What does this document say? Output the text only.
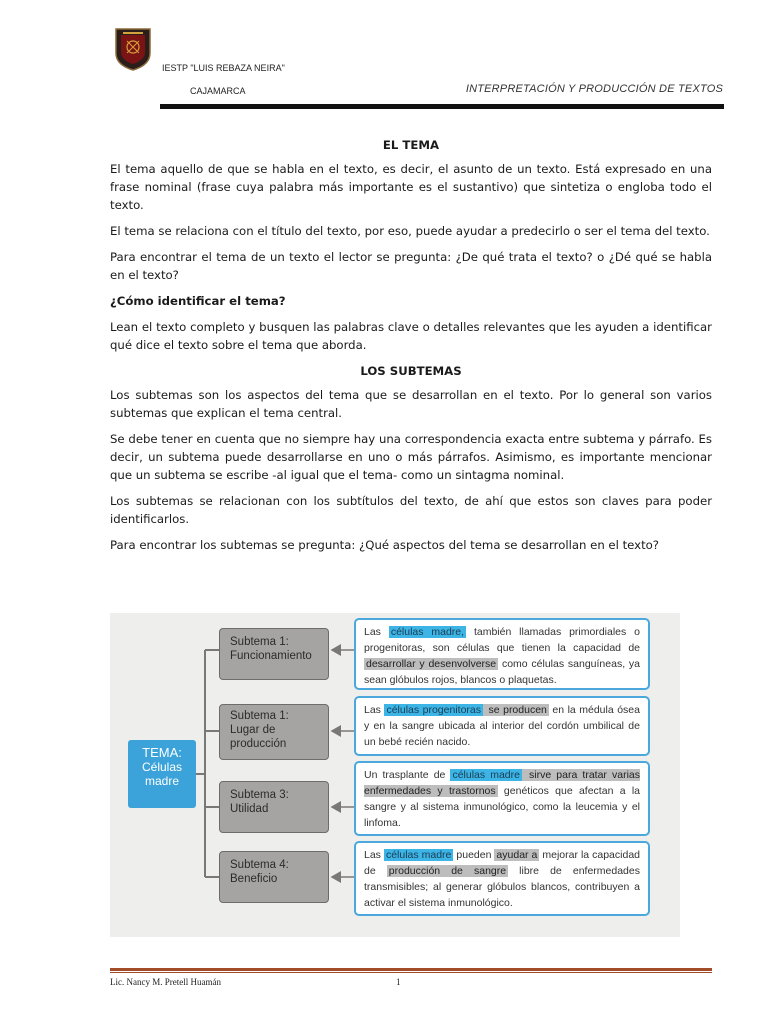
IESTP "LUIS REBAZA NEIRA"
CAJAMARCA	INTERPRETACIÓN Y PRODUCCIÓN DE TEXTOS
EL TEMA

El tema aquello de que se habla en el texto, es decir, el asunto de un texto. Está expresado en una frase nominal (frase cuya palabra más importante es el sustantivo) que sintetiza o engloba todo el texto.

El tema se relaciona con el título del texto, por eso, puede ayudar a predecirlo o ser el tema del texto.

Para encontrar el tema de un texto el lector se pregunta: ¿De qué trata el texto? o ¿Dé qué se habla en el texto?

¿Cómo identificar el tema?

Lean el texto completo y busquen las palabras clave o detalles relevantes que les ayuden a identificar qué dice el texto sobre el tema que aborda.

LOS SUBTEMAS

Los subtemas son los aspectos del tema que se desarrollan en el texto. Por lo general son varios subtemas que explican el tema central.

Se debe tener en cuenta que no siempre hay una correspondencia exacta entre subtema y párrafo. Es decir, un subtema puede desarrollarse en uno o más párrafos. Asimismo, es importante mencionar que un subtema se escribe -al igual que el tema- como un sintagma nominal.

Los subtemas se relacionan con los subtítulos del texto, de ahí que estos son claves para poder identificarlos.

Para encontrar los subtemas se pregunta: ¿Qué aspectos del tema se desarrollan en el texto?

TEMA:
Células
madre
Subtema 1:
Funcionamiento
Subtema 1:
Lugar de
producción
Subtema 3:
Utilidad
Subtema 4:
Beneficio
Las células madre, también llamadas primordiales o progenitoras, son células que tienen la capacidad de desarrollar y desenvolverse como células sanguíneas, ya sean glóbulos rojos, blancos o plaquetas.
Las células progenitoras se producen en la médula ósea y en la sangre ubicada al interior del cordón umbilical de un bebé recién nacido.
Un trasplante de células madre sirve para tratar varias enfermedades y trastornos genéticos que afectan a la sangre y al sistema inmunológico, como la leucemia y el linfoma.
Las células madre pueden ayudar a mejorar la capacidad de producción de sangre libre de enfermedades transmisibles; al generar glóbulos blancos, contribuyen a activar el sistema inmunológico.
Lic. Nancy M. Pretell Huamán	1
